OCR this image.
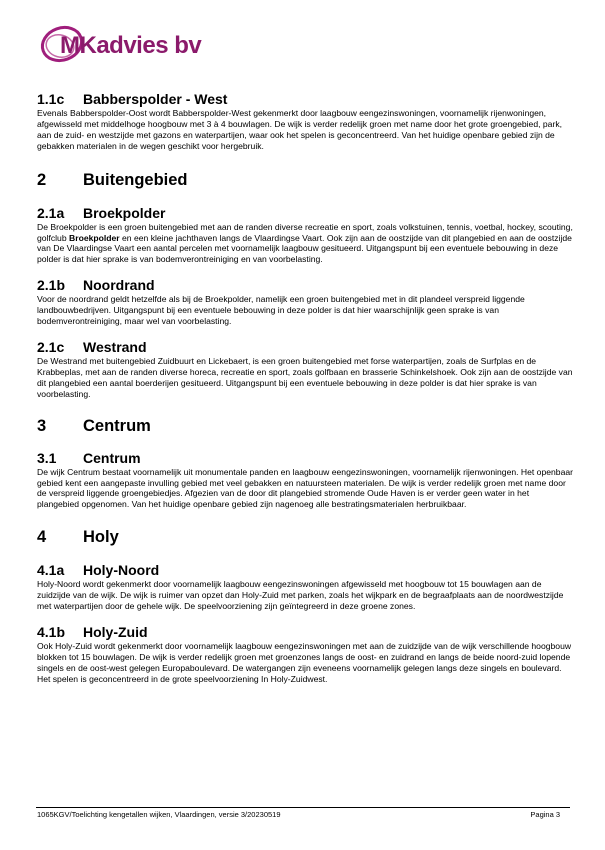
MKadvies bv
1.1c Babberspolder - West

Evenals Babberspolder-Oost wordt Babberspolder-West gekenmerkt door laagbouw eengezinswoningen, voornamelijk rijenwoningen, afgewisseld met middelhoge hoogbouw met 3 à 4 bouwlagen. De wijk is verder redelijk groen met name door het grote groengebied, park, aan de zuid- en westzijde met gazons en waterpartijen, waar ook het spelen is geconcentreerd. Van het huidige openbare gebied zijn de gebakken materialen in de wegen geschikt voor hergebruik.

2 Buitengebied
2.1a Broekpolder

De Broekpolder is een groen buitengebied met aan de randen diverse recreatie en sport, zoals volkstuinen, tennis, voetbal, hockey, scouting, golfclub Broekpolder en een kleine jachthaven langs de Vlaardingse Vaart. Ook zijn aan de oostzijde van dit plangebied en aan de oostzijde van De Vlaardingse Vaart een aantal percelen met voornamelijk laagbouw gesitueerd. Uitgangspunt bij een eventuele bebouwing in deze polder is dat hier sprake is van bodemverontreiniging en van voorbelasting.

2.1b Noordrand

Voor de noordrand geldt hetzelfde als bij de Broekpolder, namelijk een groen buitengebied met in dit plandeel verspreid liggende landbouwbedrijven. Uitgangspunt bij een eventuele bebouwing in deze polder is dat hier waarschijnlijk geen sprake is van bodemverontreiniging, maar wel van voorbelasting.

2.1c Westrand

De Westrand met buitengebied Zuidbuurt en Lickebaert, is een groen buitengebied met forse waterpartijen, zoals de Surfplas en de Krabbeplas, met aan de randen diverse horeca, recreatie en sport, zoals golfbaan en brasserie Schinkelshoek. Ook zijn aan de oostzijde van dit plangebied een aantal boerderijen gesitueerd. Uitgangspunt bij een eventuele bebouwing in deze polder is dat hier sprake is van voorbelasting.

3 Centrum
3.1 Centrum

De wijk Centrum bestaat voornamelijk uit monumentale panden en laagbouw eengezinswoningen, voornamelijk rijenwoningen. Het openbaar gebied kent een aangepaste invulling gebied met veel gebakken en natuursteen materialen. De wijk is verder redelijk groen met name door de verspreid liggende groengebiedjes. Afgezien van de door dit plangebied stromende Oude Haven is er verder geen water in het plangebied opgenomen. Van het huidige openbare gebied zijn nagenoeg alle bestratingsmaterialen herbruikbaar.

4 Holy
4.1a Holy-Noord

Holy-Noord wordt gekenmerkt door voornamelijk laagbouw eengezinswoningen afgewisseld met hoogbouw tot 15 bouwlagen aan de zuidzijde van de wijk. De wijk is ruimer van opzet dan Holy-Zuid met parken, zoals het wijkpark en de begraafplaats aan de noordwestzijde met waterpartijen door de gehele wijk. De speelvoorziening zijn geïntegreerd in deze groene zones.

4.1b Holy-Zuid

Ook Holy-Zuid wordt gekenmerkt door voornamelijk laagbouw eengezinswoningen met aan de zuidzijde van de wijk verschillende hoogbouw blokken tot 15 bouwlagen. De wijk is verder redelijk groen met groenzones langs de oost- en zuidrand en langs de beide noord-zuid lopende singels en de oost-west gelegen Europaboulevard. De watergangen zijn eveneens voornamelijk gelegen langs deze singels en boulevard. Het spelen is geconcentreerd in de grote speelvoorziening In Holy-Zuidwest.

1065KGV/Toelichting kengetallen wijken, Vlaardingen, versie 3/20230519	Pagina 3
